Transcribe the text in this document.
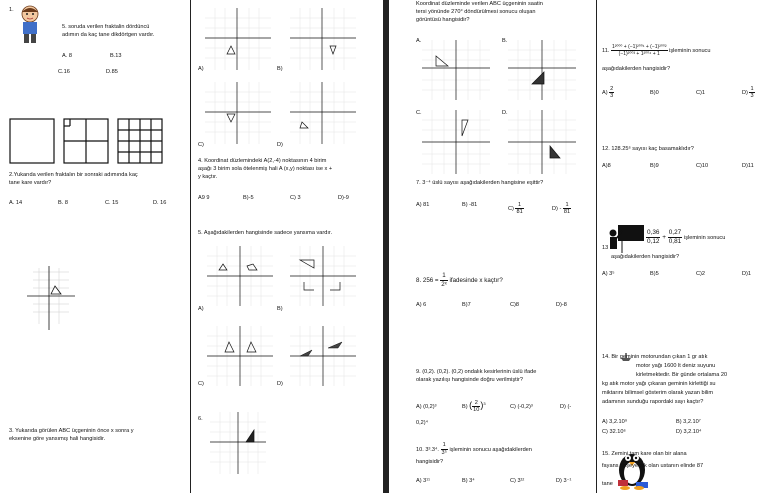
1.
5. soruda verilen fraktalin dördüncü
adımın da kaç tane dikdörtgen vardır.
A. 8	B.13
C.16	D.85
2.Yukarıda verilen fraktalın bir sonraki adımında kaç
tane kare vardır?
A. 14	B. 8	C. 15	D. 16
3. Yukarıda görülen ABC üçgeninin önce x sonra y
eksenine göre yansımış hali hangisidir.
A)	B)
C)	D)
4. Koordinat düzlemindeki A(2,-4) noktasının 4 birim
aşağı 3 birim sola ötelenmiş hali A (x,y) noktası ise x +
y kaçtır.
A9 9	B)-5	C) 3	D)-9
5. Aşağıdakilerden hangisinde sadece yansıma vardır.
A)	B)
C)	D)
6.
Koordinat düzleminde verilen ABC üçgeninin saatin
tersi yönünde 270° döndürülmesi sonucu oluşan
görüntüsü hangisidir?
A.	B.
C.	D.
7. 3⁻⁴ üslü sayısı aşağıdakilerden hangisine eşittir?
A) 81	B) -81
$C) \frac{1}{81}$	$D) - \frac{1}{81}$
8. $256 = \frac{1}{\text{2ˣ}}$ ifadesinde x kaçtır?
A) 6	B)7	C)8	D)-8
9. (0,2). (0,2). (0,2) ondalık kesirlerinin üslü ifade
olarak yazılışı hangisinde doğru verilmiştir?
A) (0,2)³	B) ( $\frac{2}{10} )^3$
C) (-0,2)³	D) (-
0,2)⁴
10. 3³.3⁴. $\frac{1}{\text{3⁵}}$ işleminin sonucu aşağıdakilerden
hangisidir?
A) 3¹¹	B) 3⁴	C) 3¹²	D) 3⁻¹
11. $\frac{\text{1²⁰⁰⁰ + (−1)²⁰⁰¹ + (−1)²⁰⁰²}}{\text{(−1)²⁰⁰³ + 1²⁰⁰⁴ + 1}}$ işleminin sonucu
aşağıdakilerden hangisidir?
$A) \frac{2}{3}$	B)0	C)1	$D) \frac{1}{3}$
12. 128.25⁶ sayısı kaç basamaklıdır?
A)8	B)9	C)10	D)11
13
$\frac{0,36}{0,12} + \frac{0,27}{0,81}$ işleminin sonucu
aşağıdakilerden hangisidir?
A) 3⁵	B)5	C)2	D)1
14. Bir geminin motorundan çıkan 1 gr atık
motor yağı 1600 lt deniz suyunu
kirletmektedir. Bir günde ortalama 20
kg atık motor yağı çıkaran geminin kirlettiği su
miktarını bilimsel gösterim olarak yazan bilim
adamının sunduğu rapordaki sayı kaçtır?
A) 3,2.10⁹	B) 3,2.10⁷
C) 32.10⁶	D) 3,2.10⁴
15. Zemini tam kare olan bir alana
fayans döşeyecek olan ustanın elinde 87
tane
